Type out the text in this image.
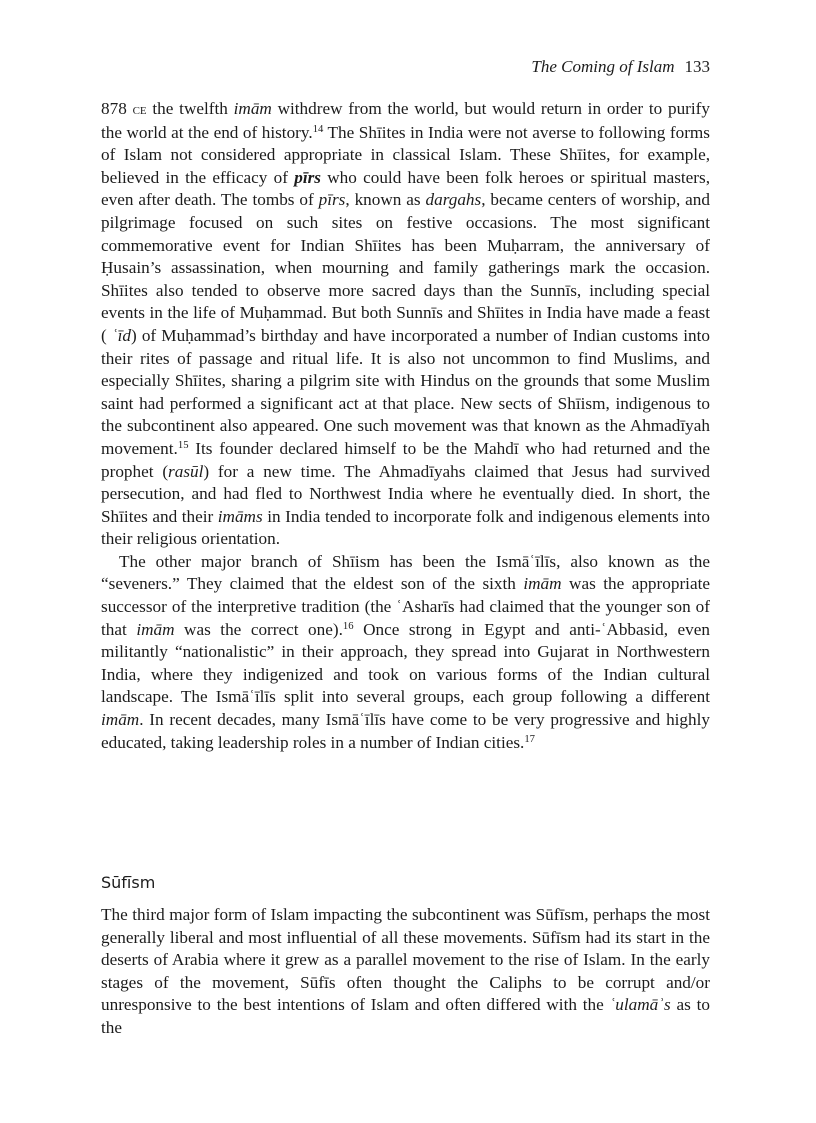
The Coming of Islam 133

878 ce the twelfth imām withdrew from the world, but would return in order to purify the world at the end of history.$^{14}$ The Shīites in India were not averse to following forms of Islam not considered appropriate in classical Islam. These Shīites, for example, believed in the efficacy of pīrs who could have been folk heroes or spiritual masters, even after death. The tombs of pīrs, known as dargahs, became centers of worship, and pilgrimage focused on such sites on festive occasions. The most significant commemorative event for Indian Shīites has been Muḥarram, the anniversary of Ḥusain’s assassination, when mourning and family gatherings mark the occasion. Shīites also tended to observe more sacred days than the Sunnīs, including special events in the life of Muḥammad. But both Sunnīs and Shīites in India have made a feast ( ʿīd) of Muḥammad’s birthday and have incorporated a number of Indian customs into their rites of passage and ritual life. It is also not uncommon to find Muslims, and especially Shīites, sharing a pilgrim site with Hindus on the grounds that some Muslim saint had performed a significant act at that place. New sects of Shīism, indigenous to the subcontinent also appeared. One such movement was that known as the Ahmadīyah movement.$^{15}$ Its founder declared himself to be the Mahdī who had returned and the prophet (rasūl) for a new time. The Ahmadīyahs claimed that Jesus had survived persecution, and had fled to Northwest India where he eventually died. In short, the Shīites and their imāms in India tended to incorporate folk and indigenous elements into their religious orientation.

The other major branch of Shīism has been the Ismāʿīlīs, also known as the “seveners.” They claimed that the eldest son of the sixth imām was the appropriate successor of the interpretive tradition (the ʿAsharīs had claimed that the younger son of that imām was the correct one).$^{16}$ Once strong in Egypt and anti-ʿAbbasid, even militantly “nationalistic” in their approach, they spread into Gujarat in Northwestern India, where they indigenized and took on various forms of the Indian cultural landscape. The Ismāʿīlīs split into several groups, each group following a different imām. In recent decades, many Ismāʿīlīs have come to be very progressive and highly educated, taking leadership roles in a number of Indian cities.$^{17}$

Sūfīsm

The third major form of Islam impacting the subcontinent was Sūfīsm, perhaps the most generally liberal and most influential of all these movements. Sūfīsm had its start in the deserts of Arabia where it grew as a parallel movement to the rise of Islam. In the early stages of the movement, Sūfīs often thought the Caliphs to be corrupt and/or unresponsive to the best intentions of Islam and often differed with the ʿulamāʾs as to the
